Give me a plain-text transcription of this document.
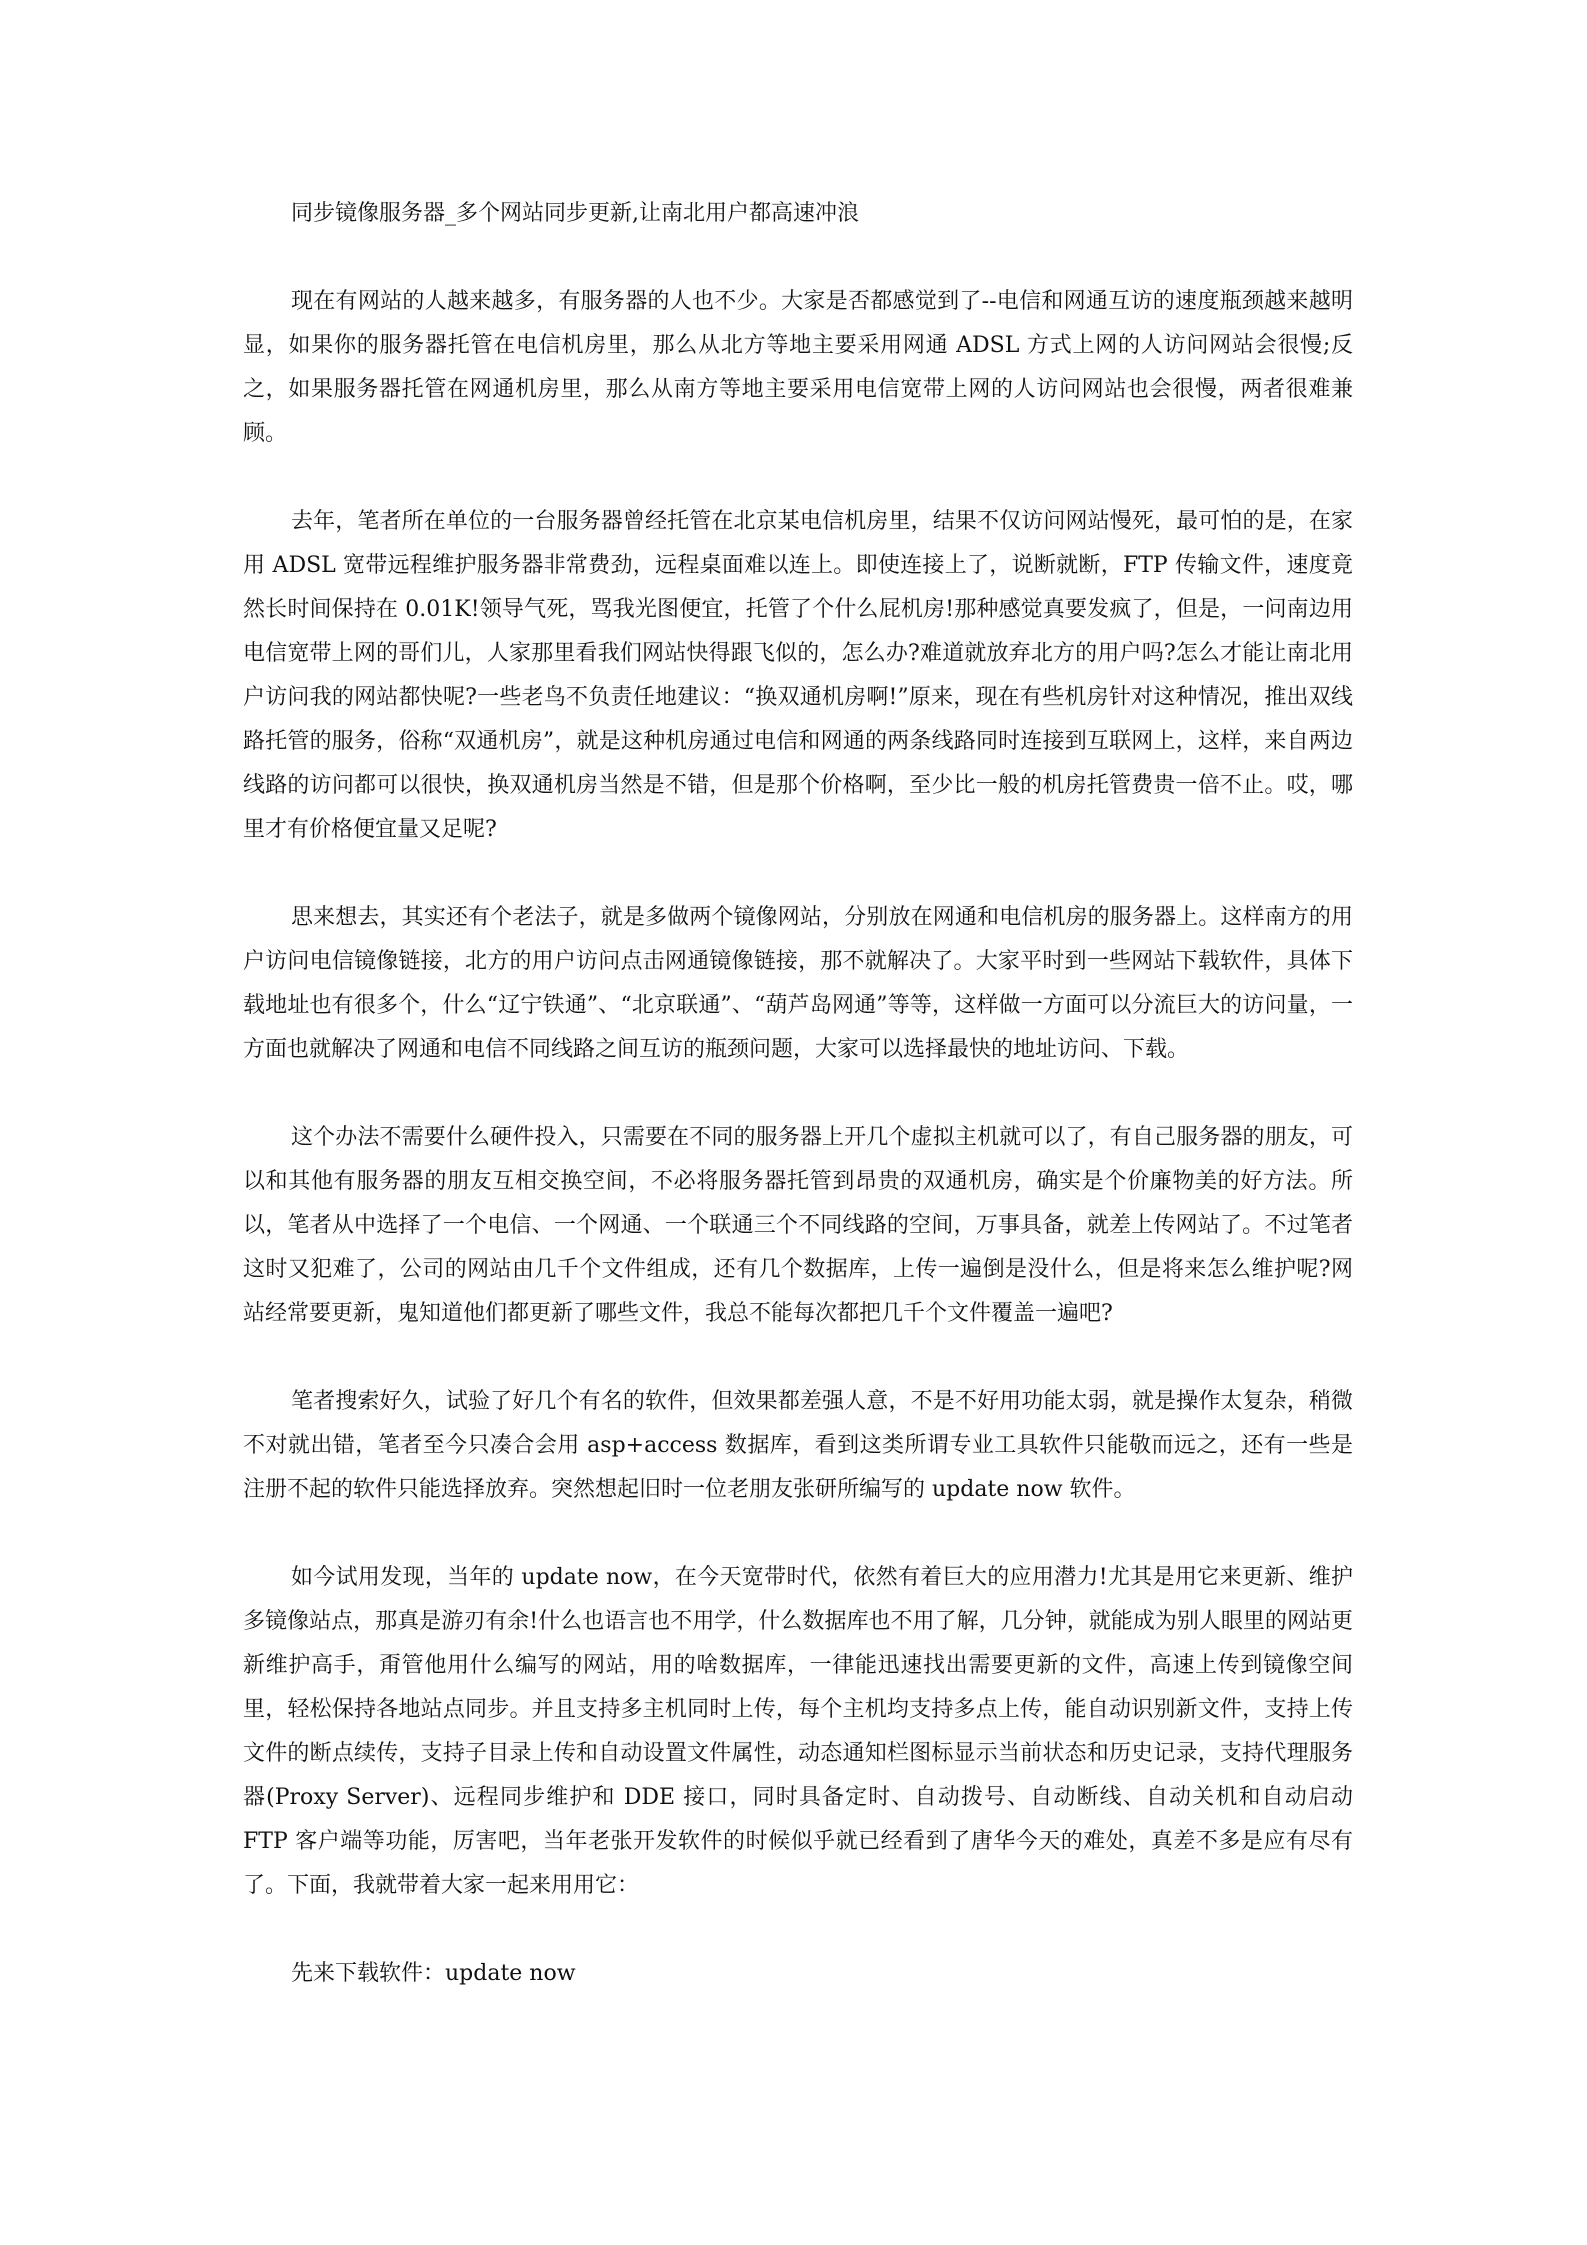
同步镜像服务器_多个网站同步更新,让南北用户都高速冲浪

现在有网站的人越来越多，有服务器的人也不少。大家是否都感觉到了--电信和网通互访的速度瓶颈越来越明显，如果你的服务器托管在电信机房里，那么从北方等地主要采用网通 ADSL 方式上网的人访问网站会很慢;反之，如果服务器托管在网通机房里，那么从南方等地主要采用电信宽带上网的人访问网站也会很慢，两者很难兼顾。

去年，笔者所在单位的一台服务器曾经托管在北京某电信机房里，结果不仅访问网站慢死，最可怕的是，在家用 ADSL 宽带远程维护服务器非常费劲，远程桌面难以连上。即使连接上了，说断就断，FTP 传输文件，速度竟然长时间保持在 0.01K!领导气死，骂我光图便宜，托管了个什么屁机房!那种感觉真要发疯了，但是，一问南边用电信宽带上网的哥们儿，人家那里看我们网站快得跟飞似的，怎么办?难道就放弃北方的用户吗?怎么才能让南北用户访问我的网站都快呢?一些老鸟不负责任地建议：“换双通机房啊!”原来，现在有些机房针对这种情况，推出双线路托管的服务，俗称“双通机房”，就是这种机房通过电信和网通的两条线路同时连接到互联网上，这样，来自两边线路的访问都可以很快，换双通机房当然是不错，但是那个价格啊，至少比一般的机房托管费贵一倍不止。哎，哪里才有价格便宜量又足呢?

思来想去，其实还有个老法子，就是多做两个镜像网站，分别放在网通和电信机房的服务器上。这样南方的用户访问电信镜像链接，北方的用户访问点击网通镜像链接，那不就解决了。大家平时到一些网站下载软件，具体下载地址也有很多个，什么“辽宁铁通”、“北京联通”、“葫芦岛网通”等等，这样做一方面可以分流巨大的访问量，一方面也就解决了网通和电信不同线路之间互访的瓶颈问题，大家可以选择最快的地址访问、下载。

这个办法不需要什么硬件投入，只需要在不同的服务器上开几个虚拟主机就可以了，有自己服务器的朋友，可以和其他有服务器的朋友互相交换空间，不必将服务器托管到昂贵的双通机房，确实是个价廉物美的好方法。所以，笔者从中选择了一个电信、一个网通、一个联通三个不同线路的空间，万事具备，就差上传网站了。不过笔者这时又犯难了，公司的网站由几千个文件组成，还有几个数据库，上传一遍倒是没什么，但是将来怎么维护呢?网站经常要更新，鬼知道他们都更新了哪些文件，我总不能每次都把几千个文件覆盖一遍吧?

笔者搜索好久，试验了好几个有名的软件，但效果都差强人意，不是不好用功能太弱，就是操作太复杂，稍微不对就出错，笔者至今只凑合会用 asp+access 数据库，看到这类所谓专业工具软件只能敬而远之，还有一些是注册不起的软件只能选择放弃。突然想起旧时一位老朋友张研所编写的 update now 软件。

如今试用发现，当年的 update now，在今天宽带时代，依然有着巨大的应用潜力!尤其是用它来更新、维护多镜像站点，那真是游刃有余!什么也语言也不用学，什么数据库也不用了解，几分钟，就能成为别人眼里的网站更新维护高手，甭管他用什么编写的网站，用的啥数据库，一律能迅速找出需要更新的文件，高速上传到镜像空间里，轻松保持各地站点同步。并且支持多主机同时上传，每个主机均支持多点上传，能自动识别新文件，支持上传文件的断点续传，支持子目录上传和自动设置文件属性，动态通知栏图标显示当前状态和历史记录，支持代理服务器(Proxy Server)、远程同步维护和 DDE 接口，同时具备定时、自动拨号、自动断线、自动关机和自动启动 FTP 客户端等功能，厉害吧，当年老张开发软件的时候似乎就已经看到了唐华今天的难处，真差不多是应有尽有了。下面，我就带着大家一起来用用它：

先来下载软件：update now
